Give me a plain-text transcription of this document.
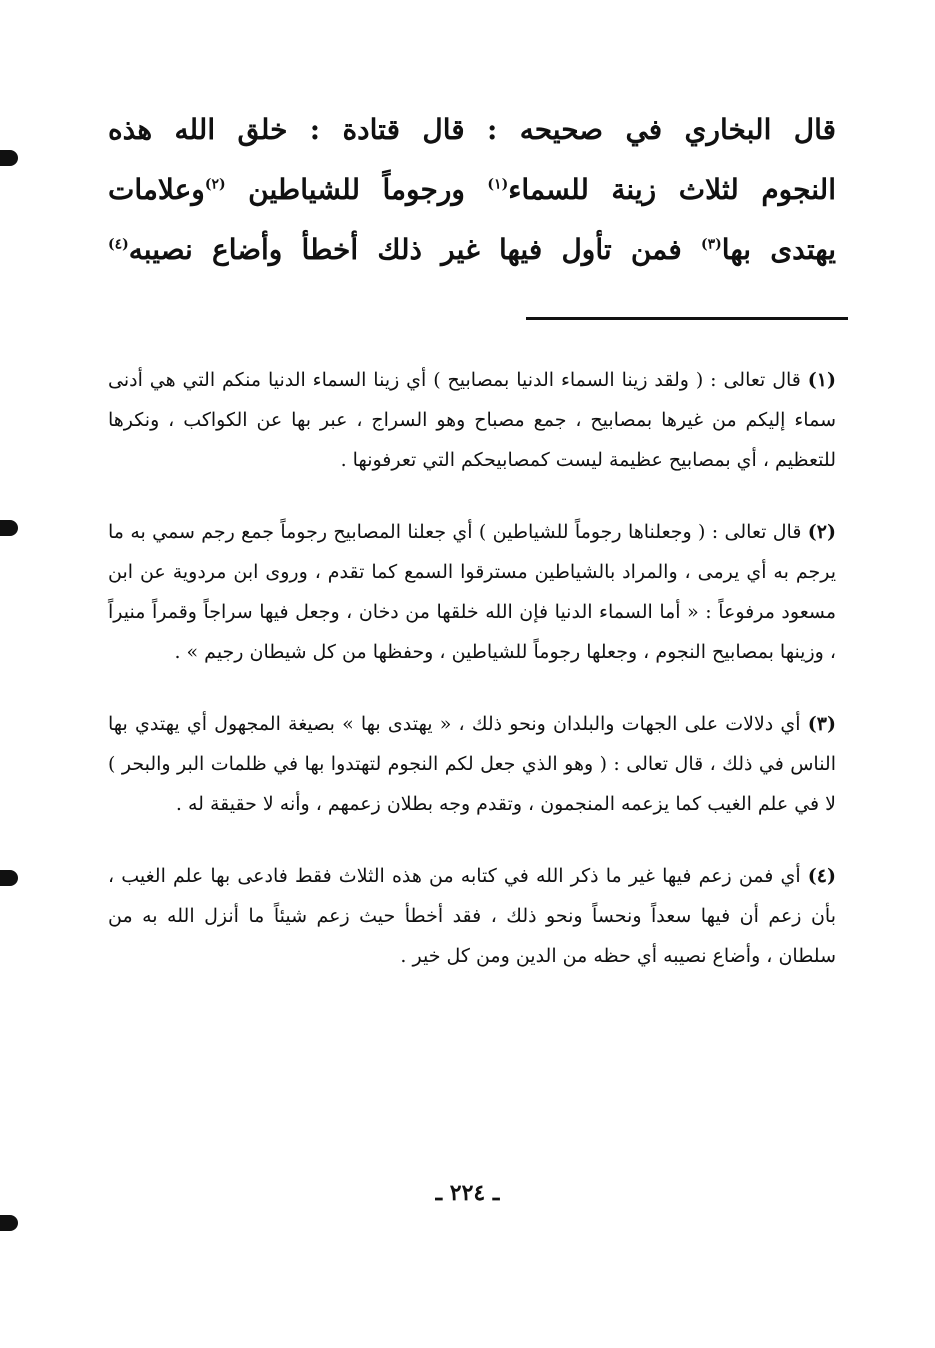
قال البخاري في صحيحه : قال قتادة : خلق الله هذه
النجوم لثلاث زينة للسماء$^{(١)}$ ورجوماً للشياطين $^{(٢)}$وعلامات
يهتدى بها$^{(٣)}$ فمن تأول فيها غير ذلك أخطأ وأضاع نصيبه$^{(٤)}$

(١) قال تعالى : ( ولقد زينا السماء الدنيا بمصابيح ) أي زينا السماء الدنيا منكم التي هي أدنى سماء إليكم من غيرها بمصابيح ، جمع مصباح وهو السراج ، عبر بها عن الكواكب ، ونكرها للتعظيم ، أي بمصابيح عظيمة ليست كمصابيحكم التي تعرفونها .

(٢) قال تعالى : ( وجعلناها رجوماً للشياطين ) أي جعلنا المصابيح رجوماً جمع رجم سمي به ما يرجم به أي يرمى ، والمراد بالشياطين مسترقوا السمع كما تقدم ، وروى ابن مردوية عن ابن مسعود مرفوعاً : « أما السماء الدنيا فإن الله خلقها من دخان ، وجعل فيها سراجاً وقمراً منيراً ، وزينها بمصابيح النجوم ، وجعلها رجوماً للشياطين ، وحفظها من كل شيطان رجيم » .

(٣) أي دلالات على الجهات والبلدان ونحو ذلك ، « يهتدى بها » بصيغة المجهول أي يهتدي بها الناس في ذلك ، قال تعالى : ( وهو الذي جعل لكم النجوم لتهتدوا بها في ظلمات البر والبحر ) لا في علم الغيب كما يزعمه المنجمون ، وتقدم وجه بطلان زعمهم ، وأنه لا حقيقة له .

(٤) أي فمن زعم فيها غير ما ذكر الله في كتابه من هذه الثلاث فقط فادعى بها علم الغيب ، بأن زعم أن فيها سعداً ونحساً ونحو ذلك ، فقد أخطأ حيث زعم شيئاً ما أنزل الله به من سلطان ، وأضاع نصيبه أي حظه من الدين ومن كل خير .

ـ ٢٢٤ ـ
